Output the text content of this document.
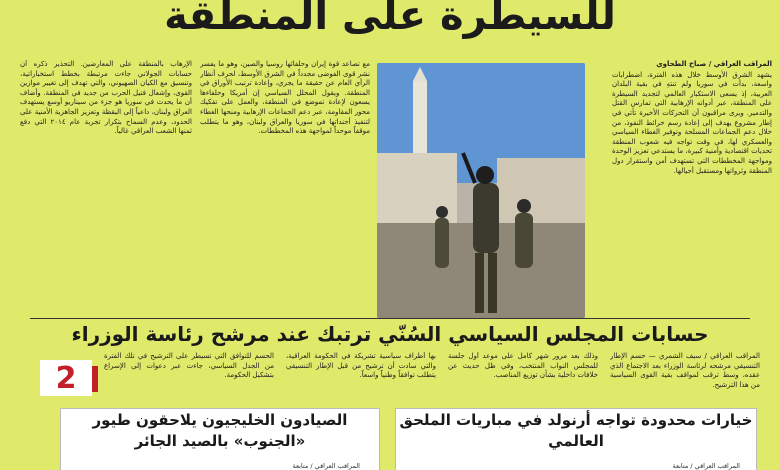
للسيطرة على المنطقة

المراقب العراقي / صباح الطحاوي

يشهد الشرق الأوسط خلال هذه الفترة، اضطرابات واسعة، بدأت في سوريا ولم تنتهِ في بقية البلدان العربية، إذ يسعى الاستكبار العالمي لتجديد السيطرة على المنطقة، عبر أدواته الإرهابية التي تمارس القتل والتدمير. ويرى مراقبون أن التحركات الأخيرة تأتي في إطار مشروع يهدف إلى إعادة رسم خرائط النفوذ، من خلال دعم الجماعات المسلحة وتوفير الغطاء السياسي والعسكري لها، في وقت تواجه فيه شعوب المنطقة تحديات اقتصادية وأمنية كبيرة، ما يستدعي تعزيز الوحدة ومواجهة المخططات التي تستهدف أمن واستقرار دول المنطقة وثرواتها ومستقبل أجيالها.

مع تصاعد قوة إيران وحلفائها روسيا والصين، وهو ما يفسر نشر قوى الفوضى مجدداً في الشرق الأوسط، لحرف أنظار الرأي العام عن حقيقة ما يجري، وإعادة ترتيب الأوراق في المنطقة. ويقول المحلل السياسي إن أمريكا وحلفاءها يسعون لإعادة تموضع في المنطقة، والعمل على تفكيك محور المقاومة، عبر دعم الجماعات الإرهابية ومنحها الغطاء لتنفيذ أجنداتها في سوريا والعراق ولبنان، وهو ما يتطلب موقفاً موحداً لمواجهة هذه المخططات.

الإرهاب بالمنطقة على المعارضين. التحذير ذكره أن حسابات الجولاني جاءت مرتبطة بخطط استخباراتية، وتنسيق مع الكيان الصهيوني، والتي تهدف إلى تغيير موازين القوى، وإشعال فتيل الحرب من جديد في المنطقة. وأضاف أن ما يحدث في سوريا هو جزء من سيناريو أوسع يستهدف العراق ولبنان، داعياً إلى اليقظة وتعزيز الجاهزية الأمنية على الحدود، وعدم السماح بتكرار تجربة عام ٢٠١٤ التي دفع ثمنها الشعب العراقي غالياً.

حسابات المجلس السياسي السُنّي ترتبك عند مرشح رئاسة الوزراء

المراقب العراقي / سيف الشمري — حسم الإطار التنسيقي مرشحه لرئاسة الوزراء بعد الاجتماع الذي عقده، وسط ترقب لمواقف بقية القوى السياسية من هذا الترشيح.

وذلك بعد مرور شهر كامل على موعد أول جلسة للمجلس النواب المنتخب، وفي ظل حديث عن خلافات داخلية بشأن توزيع المناصب.

بها أطراف سياسية تشريكة في الحكومة العراقية، والتي سادت أن ترشيح من قبل الإطار التنسيقي يتطلب توافقاً وطنياً واسعاً.

الحسم للتوافق التي تسيطر على الترشيح في تلك الفترة من الجدل السياسي، جاءت عبر دعوات إلى الإسراع بتشكيل الحكومة.

2
خيارات محدودة تواجه أرنولد في مباريات الملحق العالمي
المراقب العراقي / متابعة
الصيادون الخليجيون يلاحقون طيور «الجنوب» بالصيد الجائر
المراقب العراقي / متابعة
